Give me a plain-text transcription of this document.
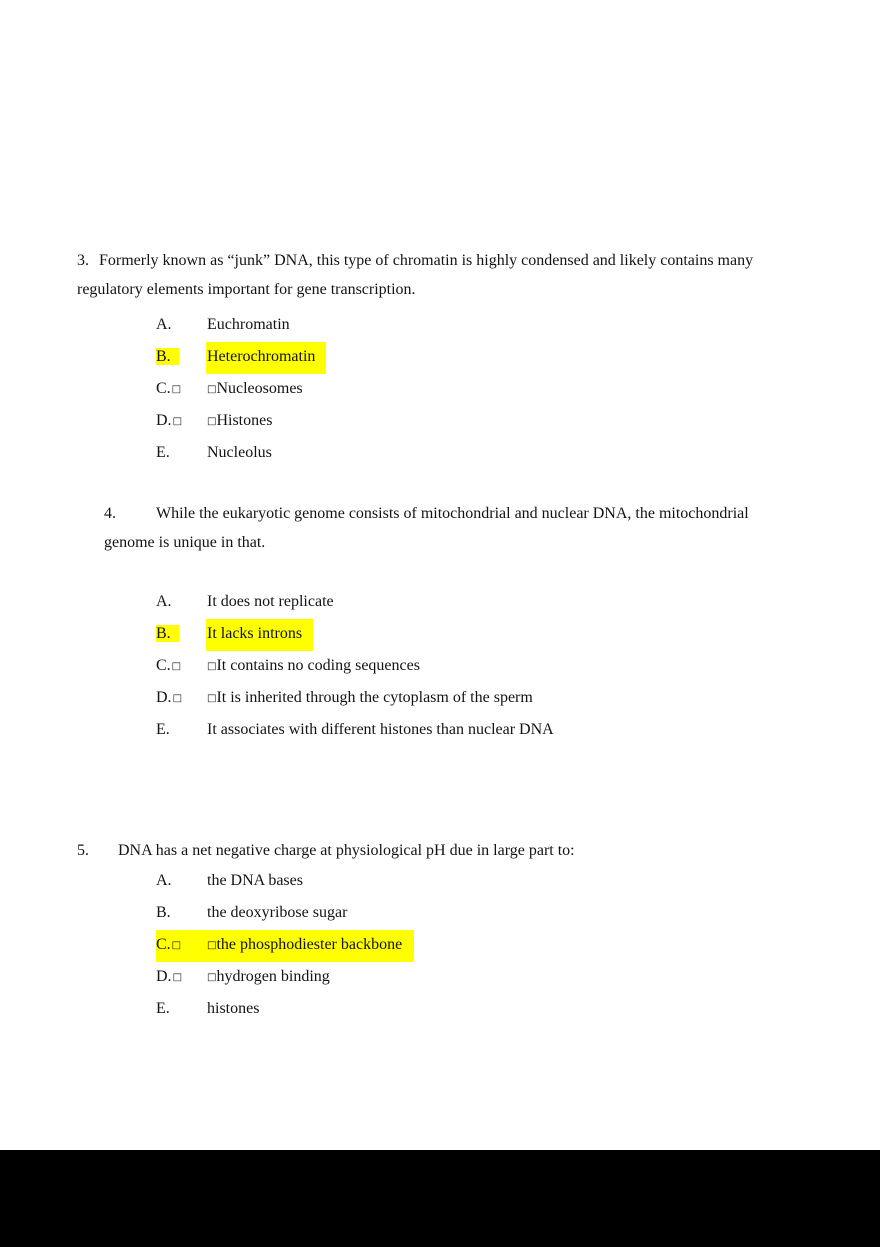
3. Formerly known as “junk” DNA, this type of chromatin is highly condensed and likely contains many regulatory elements important for gene transcription.

A.	Euchromatin
B.	Heterochromatin
C.□	□Nucleosomes
D.□	□Histones
E.	Nucleolus

4.	While the eukaryotic genome consists of mitochondrial and nuclear DNA, the mitochondrial genome is unique in that.

A.	It does not replicate
B.	It lacks introns
C.□	□It contains no coding sequences
D.□	□It is inherited through the cytoplasm of the sperm
E.	It associates with different histones than nuclear DNA

5. DNA has a net negative charge at physiological pH due in large part to:

A.	the DNA bases
B.	the deoxyribose sugar
C.□	□the phosphodiester backbone
D.□	□hydrogen binding
E.	histones
